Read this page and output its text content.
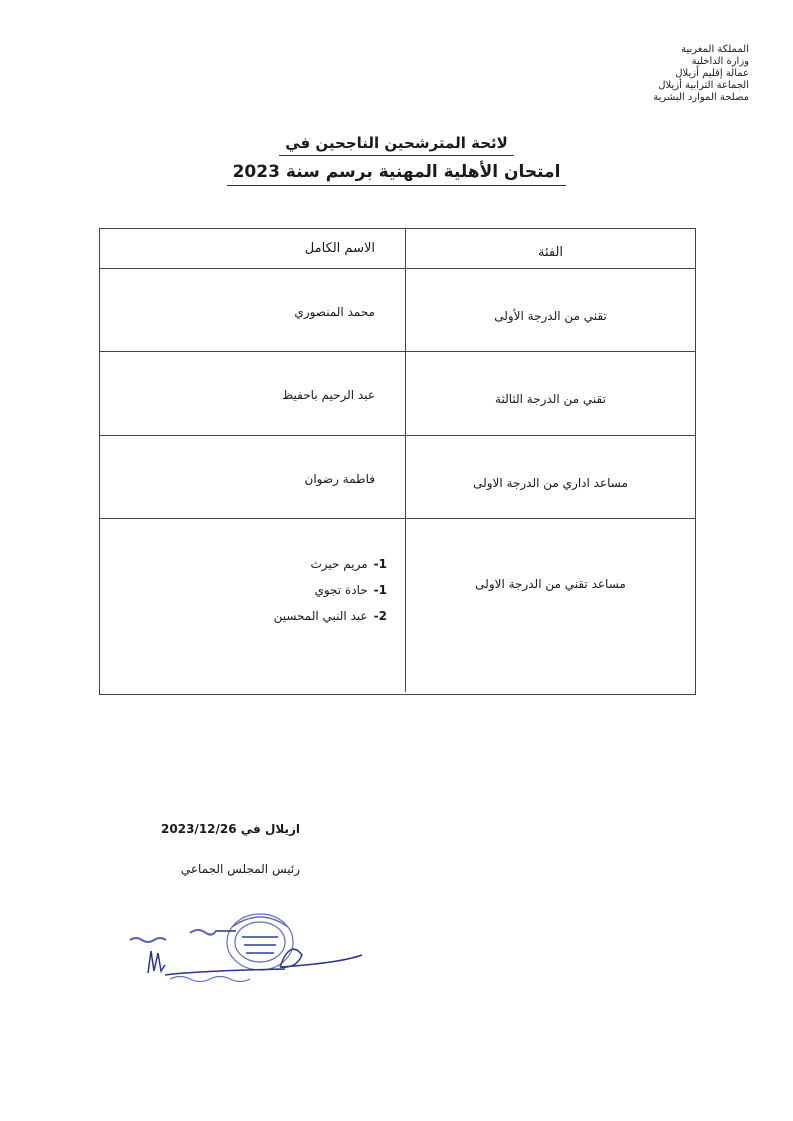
المملكة المغربية
وزارة الداخلية
عمالة إقليم أزيلال
الجماعة الترابية أزيلال
مصلحة الموارد البشرية
لائحة المترشحين الناجحين في
امتحان الأهلية المهنية برسم سنة 2023
الفئة
الاسم الكامل
تقني من الدرجة الأولى
محمد المنصوري
تقني من الدرجة الثالثة
عبد الرحيم باحفيظ
مساعد اداري من الدرجة الاولى
فاطمة رضوان
مساعد تقني من الدرجة الاولى
1-
مريم حيرث
1-
حادة تجوي
2-
عبد النبي المحسين
ازيلال في 2023/12/26
رئيس المجلس الجماعي
